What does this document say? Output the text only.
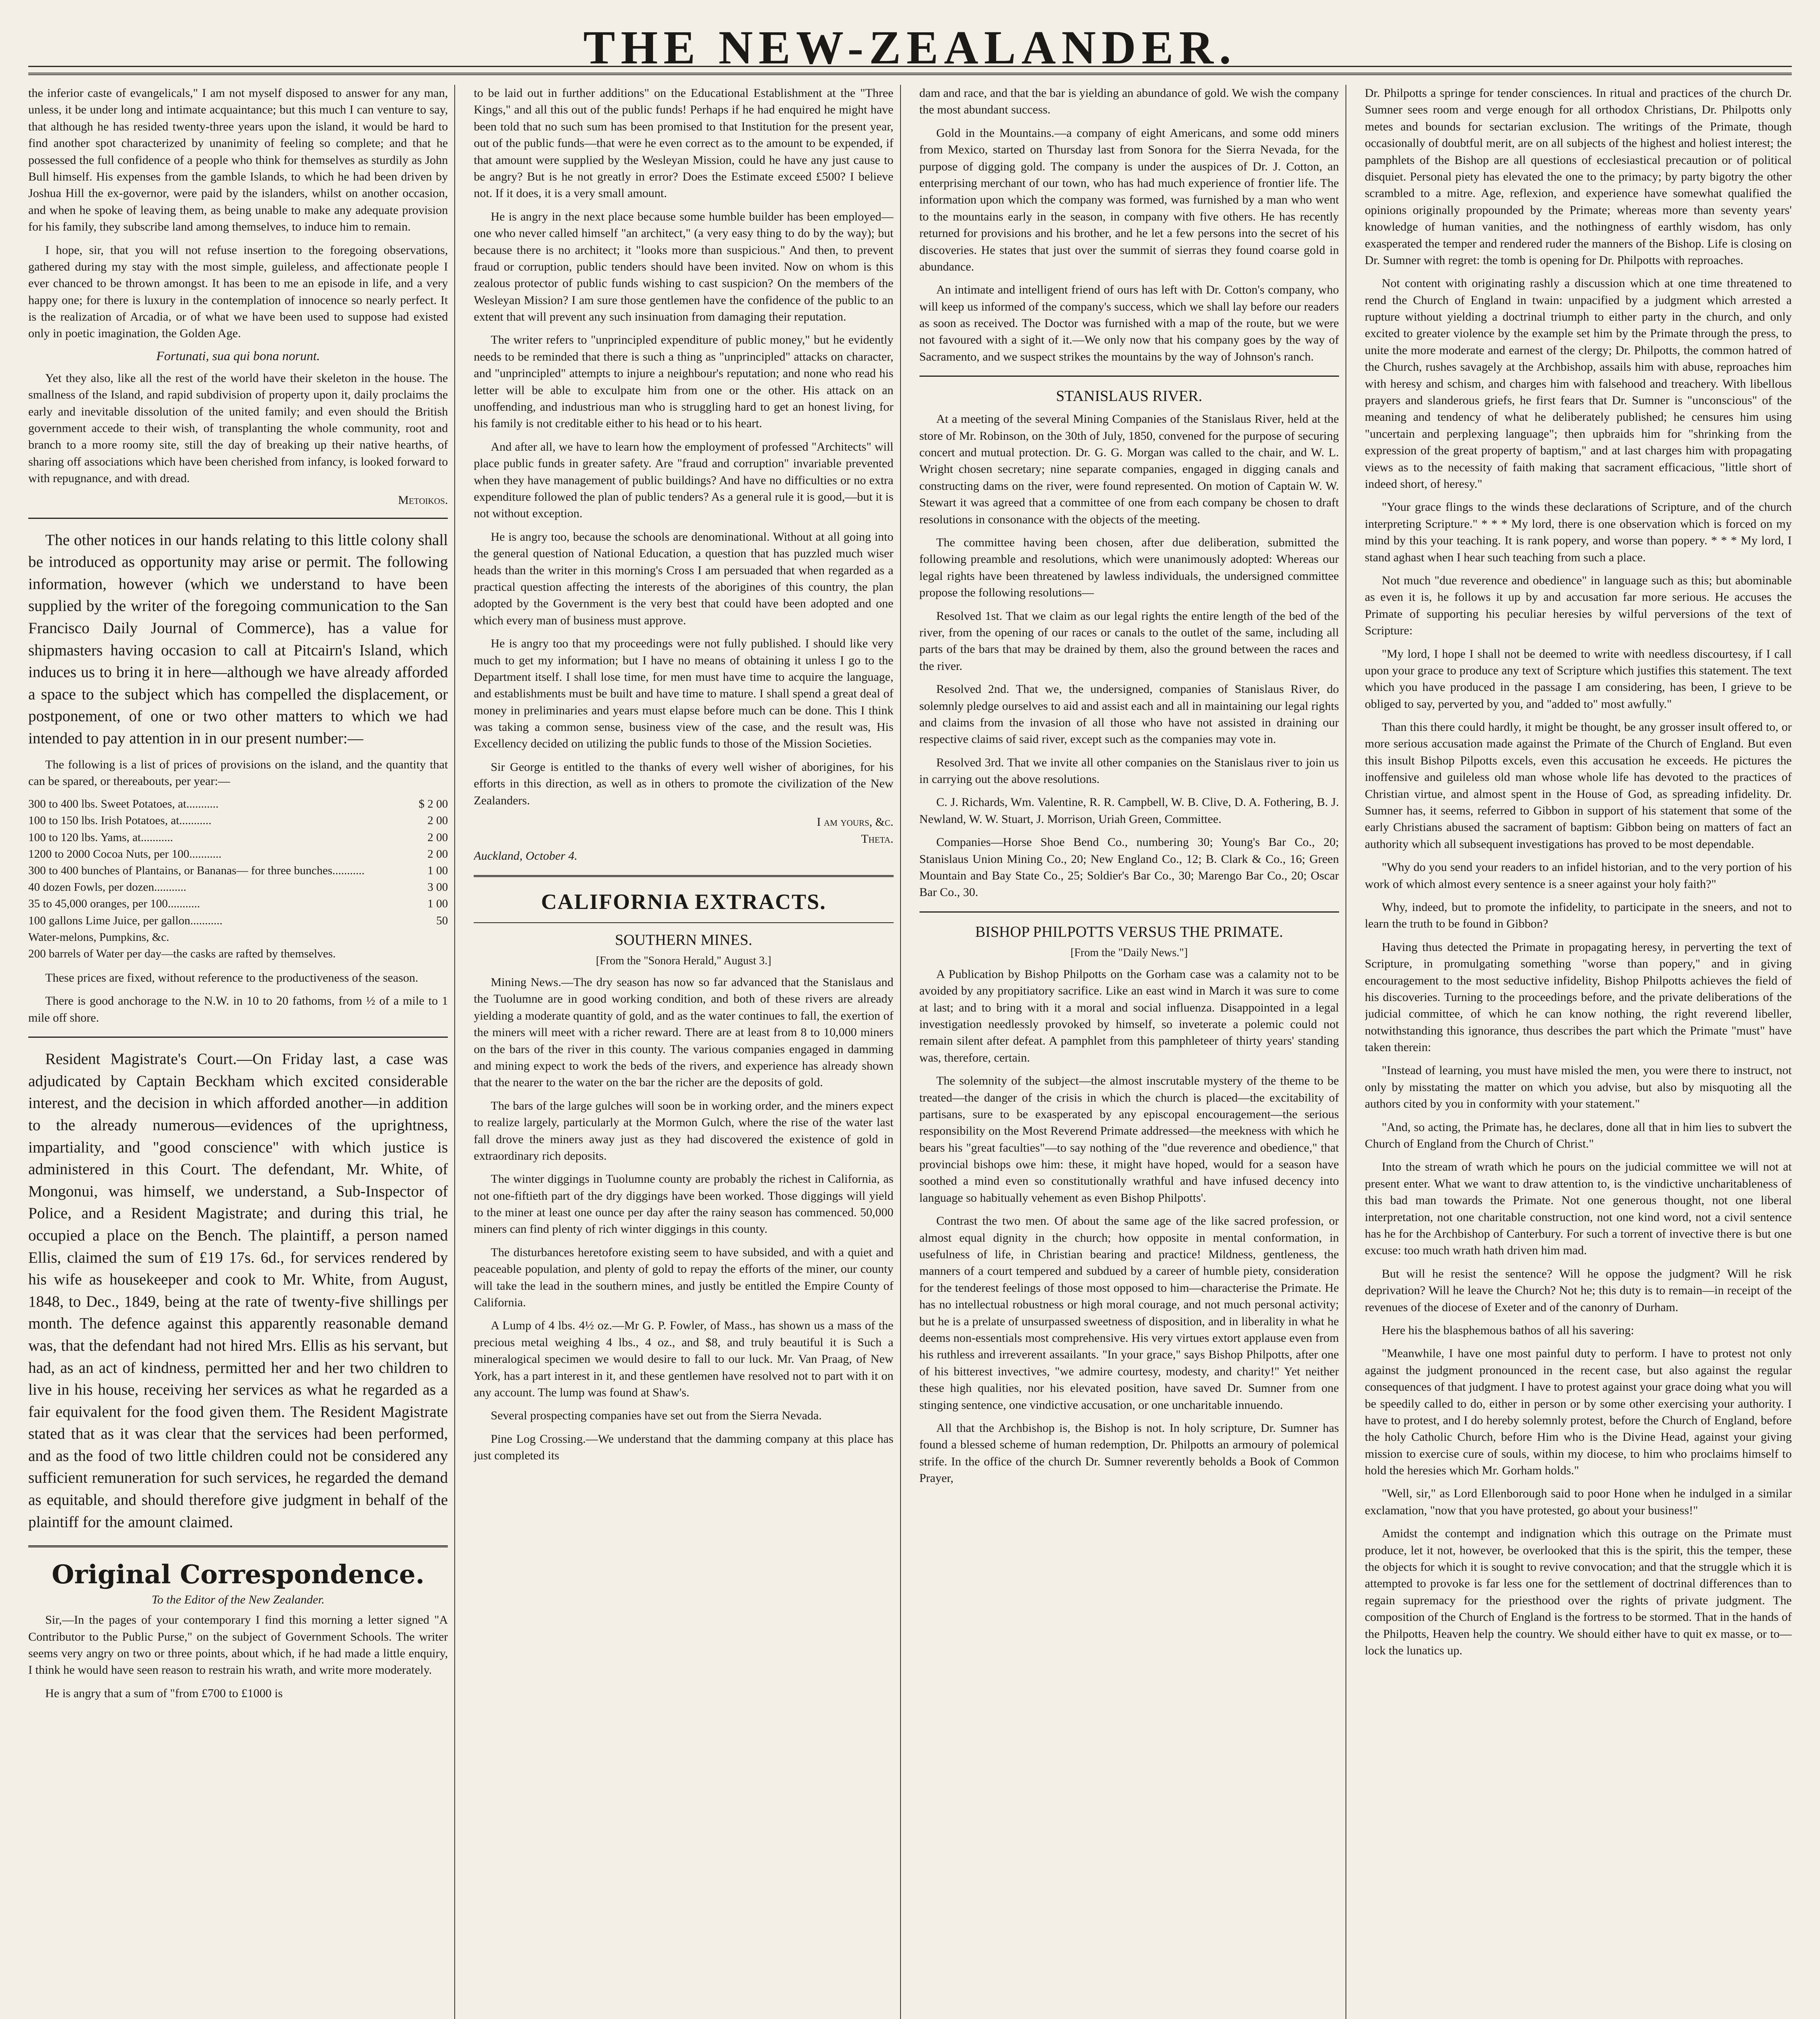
THE NEW-ZEALANDER.

the inferior caste of evangelicals," I am not myself disposed to answer for any man, unless, it be under long and intimate acquaintance; but this much I can venture to say, that although he has resided twenty-three years upon the island, it would be hard to find another spot characterized by unanimity of feeling so complete; and that he possessed the full confidence of a people who think for themselves as sturdily as John Bull himself. His expenses from the gamble Islands, to which he had been driven by Joshua Hill the ex-governor, were paid by the islanders, whilst on another occasion, and when he spoke of leaving them, as being unable to make any adequate provision for his family, they subscribe land among themselves, to induce him to remain.

I hope, sir, that you will not refuse insertion to the foregoing observations, gathered during my stay with the most simple, guileless, and affectionate people I ever chanced to be thrown amongst. It has been to me an episode in life, and a very happy one; for there is luxury in the contemplation of innocence so nearly perfect. It is the realization of Arcadia, or of what we have been used to suppose had existed only in poetic imagination, the Golden Age.

Fortunati, sua qui bona norunt.

Yet they also, like all the rest of the world have their skeleton in the house. The smallness of the Island, and rapid subdivision of property upon it, daily proclaims the early and inevitable dissolution of the united family; and even should the British government accede to their wish, of transplanting the whole community, root and branch to a more roomy site, still the day of breaking up their native hearths, of sharing off associations which have been cherished from infancy, is looked forward to with repugnance, and with dread.

Metoikos.

The other notices in our hands relating to this little colony shall be introduced as opportunity may arise or permit. The following information, however (which we understand to have been supplied by the writer of the foregoing communication to the San Francisco Daily Journal of Commerce), has a value for shipmasters having occasion to call at Pitcairn's Island, which induces us to bring it in here—although we have already afforded a space to the subject which has compelled the displacement, or postponement, of one or two other matters to which we had intended to pay attention in in our present number:—

The following is a list of prices of provisions on the island, and the quantity that can be spared, or thereabouts, per year:—

300 to 400 lbs. Sweet Potatoes, at...........	$ 2 00
100 to 150 lbs. Irish Potatoes, at...........	2 00
100 to 120 lbs. Yams, at...........	2 00
1200 to 2000 Cocoa Nuts, per 100...........	2 00
300 to 400 bunches of Plantains, or Bananas— for three bunches...........	1 00
40 dozen Fowls, per dozen...........	3 00
35 to 45,000 oranges, per 100...........	1 00
100 gallons Lime Juice, per gallon...........	50
Water-melons, Pumpkins, &c.
200 barrels of Water per day—the casks are rafted by themselves.

These prices are fixed, without reference to the productiveness of the season.

There is good anchorage to the N.W. in 10 to 20 fathoms, from ½ of a mile to 1 mile off shore.

Resident Magistrate's Court.—On Friday last, a case was adjudicated by Captain Beckham which excited considerable interest, and the decision in which afforded another—in addition to the already numerous—evidences of the uprightness, impartiality, and "good conscience" with which justice is administered in this Court. The defendant, Mr. White, of Mongonui, was himself, we understand, a Sub-Inspector of Police, and a Resident Magistrate; and during this trial, he occupied a place on the Bench. The plaintiff, a person named Ellis, claimed the sum of £19 17s. 6d., for services rendered by his wife as housekeeper and cook to Mr. White, from August, 1848, to Dec., 1849, being at the rate of twenty-five shillings per month. The defence against this apparently reasonable demand was, that the defendant had not hired Mrs. Ellis as his servant, but had, as an act of kindness, permitted her and her two children to live in his house, receiving her services as what he regarded as a fair equivalent for the food given them. The Resident Magistrate stated that as it was clear that the services had been performed, and as the food of two little children could not be considered any sufficient remuneration for such services, he regarded the demand as equitable, and should therefore give judgment in behalf of the plaintiff for the amount claimed.

Original Correspondence.
To the Editor of the New Zealander.

Sir,—In the pages of your contemporary I find this morning a letter signed "A Contributor to the Public Purse," on the subject of Government Schools. The writer seems very angry on two or three points, about which, if he had made a little enquiry, I think he would have seen reason to restrain his wrath, and write more moderately.

He is angry that a sum of "from £700 to £1000 is

to be laid out in further additions" on the Educational Establishment at the "Three Kings," and all this out of the public funds! Perhaps if he had enquired he might have been told that no such sum has been promised to that Institution for the present year, out of the public funds—that were he even correct as to the amount to be expended, if that amount were supplied by the Wesleyan Mission, could he have any just cause to be angry? But is he not greatly in error? Does the Estimate exceed £500? I believe not. If it does, it is a very small amount.

He is angry in the next place because some humble builder has been employed—one who never called himself "an architect," (a very easy thing to do by the way); but because there is no architect; it "looks more than suspicious." And then, to prevent fraud or corruption, public tenders should have been invited. Now on whom is this zealous protector of public funds wishing to cast suspicion? On the members of the Wesleyan Mission? I am sure those gentlemen have the confidence of the public to an extent that will prevent any such insinuation from damaging their reputation.

The writer refers to "unprincipled expenditure of public money," but he evidently needs to be reminded that there is such a thing as "unprincipled" attacks on character, and "unprincipled" attempts to injure a neighbour's reputation; and none who read his letter will be able to exculpate him from one or the other. His attack on an unoffending, and industrious man who is struggling hard to get an honest living, for his family is not creditable either to his head or to his heart.

And after all, we have to learn how the employment of professed "Architects" will place public funds in greater safety. Are "fraud and corruption" invariable prevented when they have management of public buildings? And have no difficulties or no extra expenditure followed the plan of public tenders? As a general rule it is good,—but it is not without exception.

He is angry too, because the schools are denominational. Without at all going into the general question of National Education, a question that has puzzled much wiser heads than the writer in this morning's Cross I am persuaded that when regarded as a practical question affecting the interests of the aborigines of this country, the plan adopted by the Government is the very best that could have been adopted and one which every man of business must approve.

He is angry too that my proceedings were not fully published. I should like very much to get my information; but I have no means of obtaining it unless I go to the Department itself. I shall lose time, for men must have time to acquire the language, and establishments must be built and have time to mature. I shall spend a great deal of money in preliminaries and years must elapse before much can be done. This I think was taking a common sense, business view of the case, and the result was, His Excellency decided on utilizing the public funds to those of the Mission Societies.

Sir George is entitled to the thanks of every well wisher of aborigines, for his efforts in this direction, as well as in others to promote the civilization of the New Zealanders.

I am yours, &c.
Theta.
Auckland, October 4.
CALIFORNIA EXTRACTS.
SOUTHERN MINES.
[From the "Sonora Herald," August 3.]

Mining News.—The dry season has now so far advanced that the Stanislaus and the Tuolumne are in good working condition, and both of these rivers are already yielding a moderate quantity of gold, and as the water continues to fall, the exertion of the miners will meet with a richer reward. There are at least from 8 to 10,000 miners on the bars of the river in this county. The various companies engaged in damming and mining expect to work the beds of the rivers, and experience has already shown that the nearer to the water on the bar the richer are the deposits of gold.

The bars of the large gulches will soon be in working order, and the miners expect to realize largely, particularly at the Mormon Gulch, where the rise of the water last fall drove the miners away just as they had discovered the existence of gold in extraordinary rich deposits.

The winter diggings in Tuolumne county are probably the richest in California, as not one-fiftieth part of the dry diggings have been worked. Those diggings will yield to the miner at least one ounce per day after the rainy season has commenced. 50,000 miners can find plenty of rich winter diggings in this county.

The disturbances heretofore existing seem to have subsided, and with a quiet and peaceable population, and plenty of gold to repay the efforts of the miner, our county will take the lead in the southern mines, and justly be entitled the Empire County of California.

A Lump of 4 lbs. 4½ oz.—Mr G. P. Fowler, of Mass., has shown us a mass of the precious metal weighing 4 lbs., 4 oz., and $8, and truly beautiful it is Such a mineralogical specimen we would desire to fall to our luck. Mr. Van Praag, of New York, has a part interest in it, and these gentlemen have resolved not to part with it on any account. The lump was found at Shaw's.

Several prospecting companies have set out from the Sierra Nevada.

Pine Log Crossing.—We understand that the damming company at this place has just completed its

dam and race, and that the bar is yielding an abundance of gold. We wish the company the most abundant success.

Gold in the Mountains.—a company of eight Americans, and some odd miners from Mexico, started on Thursday last from Sonora for the Sierra Nevada, for the purpose of digging gold. The company is under the auspices of Dr. J. Cotton, an enterprising merchant of our town, who has had much experience of frontier life. The information upon which the company was formed, was furnished by a man who went to the mountains early in the season, in company with five others. He has recently returned for provisions and his brother, and he let a few persons into the secret of his discoveries. He states that just over the summit of sierras they found coarse gold in abundance.

An intimate and intelligent friend of ours has left with Dr. Cotton's company, who will keep us informed of the company's success, which we shall lay before our readers as soon as received. The Doctor was furnished with a map of the route, but we were not favoured with a sight of it.—We only now that his company goes by the way of Sacramento, and we suspect strikes the mountains by the way of Johnson's ranch.

STANISLAUS RIVER.

At a meeting of the several Mining Companies of the Stanislaus River, held at the store of Mr. Robinson, on the 30th of July, 1850, convened for the purpose of securing concert and mutual protection. Dr. G. G. Morgan was called to the chair, and W. L. Wright chosen secretary; nine separate companies, engaged in digging canals and constructing dams on the river, were found represented. On motion of Captain W. W. Stewart it was agreed that a committee of one from each company be chosen to draft resolutions in consonance with the objects of the meeting.

The committee having been chosen, after due deliberation, submitted the following preamble and resolutions, which were unanimously adopted: Whereas our legal rights have been threatened by lawless individuals, the undersigned committee propose the following resolutions—

Resolved 1st. That we claim as our legal rights the entire length of the bed of the river, from the opening of our races or canals to the outlet of the same, including all parts of the bars that may be drained by them, also the ground between the races and the river.

Resolved 2nd. That we, the undersigned, companies of Stanislaus River, do solemnly pledge ourselves to aid and assist each and all in maintaining our legal rights and claims from the invasion of all those who have not assisted in draining our respective claims of said river, except such as the companies may vote in.

Resolved 3rd. That we invite all other companies on the Stanislaus river to join us in carrying out the above resolutions.

C. J. Richards, Wm. Valentine, R. R. Campbell, W. B. Clive, D. A. Fothering, B. J. Newland, W. W. Stuart, J. Morrison, Uriah Green, Committee.

Companies—Horse Shoe Bend Co., numbering 30; Young's Bar Co., 20; Stanislaus Union Mining Co., 20; New England Co., 12; B. Clark & Co., 16; Green Mountain and Bay State Co., 25; Soldier's Bar Co., 30; Marengo Bar Co., 20; Oscar Bar Co., 30.

BISHOP PHILPOTTS VERSUS THE PRIMATE.
[From the "Daily News."]

A Publication by Bishop Philpotts on the Gorham case was a calamity not to be avoided by any propitiatory sacrifice. Like an east wind in March it was sure to come at last; and to bring with it a moral and social influenza. Disappointed in a legal investigation needlessly provoked by himself, so inveterate a polemic could not remain silent after defeat. A pamphlet from this pamphleteer of thirty years' standing was, therefore, certain.

The solemnity of the subject—the almost inscrutable mystery of the theme to be treated—the danger of the crisis in which the church is placed—the excitability of partisans, sure to be exasperated by any episcopal encouragement—the serious responsibility on the Most Reverend Primate addressed—the meekness with which he bears his "great faculties"—to say nothing of the "due reverence and obedience," that provincial bishops owe him: these, it might have hoped, would for a season have soothed a mind even so constitutionally wrathful and have infused decency into language so habitually vehement as even Bishop Philpotts'.

Contrast the two men. Of about the same age of the like sacred profession, or almost equal dignity in the church; how opposite in mental conformation, in usefulness of life, in Christian bearing and practice! Mildness, gentleness, the manners of a court tempered and subdued by a career of humble piety, consideration for the tenderest feelings of those most opposed to him—characterise the Primate. He has no intellectual robustness or high moral courage, and not much personal activity; but he is a prelate of unsurpassed sweetness of disposition, and in liberality in what he deems non-essentials most comprehensive. His very virtues extort applause even from his ruthless and irreverent assailants. "In your grace," says Bishop Philpotts, after one of his bitterest invectives, "we admire courtesy, modesty, and charity!" Yet neither these high qualities, nor his elevated position, have saved Dr. Sumner from one stinging sentence, one vindictive accusation, or one uncharitable innuendo.

All that the Archbishop is, the Bishop is not. In holy scripture, Dr. Sumner has found a blessed scheme of human redemption, Dr. Philpotts an armoury of polemical strife. In the office of the church Dr. Sumner reverently beholds a Book of Common Prayer,

Dr. Philpotts a springe for tender consciences. In ritual and practices of the church Dr. Sumner sees room and verge enough for all orthodox Christians, Dr. Philpotts only metes and bounds for sectarian exclusion. The writings of the Primate, though occasionally of doubtful merit, are on all subjects of the highest and holiest interest; the pamphlets of the Bishop are all questions of ecclesiastical precaution or of political disquiet. Personal piety has elevated the one to the primacy; by party bigotry the other scrambled to a mitre. Age, reflexion, and experience have somewhat qualified the opinions originally propounded by the Primate; whereas more than seventy years' knowledge of human vanities, and the nothingness of earthly wisdom, has only exasperated the temper and rendered ruder the manners of the Bishop. Life is closing on Dr. Sumner with regret: the tomb is opening for Dr. Philpotts with reproaches.

Not content with originating rashly a discussion which at one time threatened to rend the Church of England in twain: unpacified by a judgment which arrested a rupture without yielding a doctrinal triumph to either party in the church, and only excited to greater violence by the example set him by the Primate through the press, to unite the more moderate and earnest of the clergy; Dr. Philpotts, the common hatred of the Church, rushes savagely at the Archbishop, assails him with abuse, reproaches him with heresy and schism, and charges him with falsehood and treachery. With libellous prayers and slanderous griefs, he first fears that Dr. Sumner is "unconscious" of the meaning and tendency of what he deliberately published; he censures him using "uncertain and perplexing language"; then upbraids him for "shrinking from the expression of the great property of baptism," and at last charges him with propagating views as to the necessity of faith making that sacrament efficacious, "little short of indeed short, of heresy."

"Your grace flings to the winds these declarations of Scripture, and of the church interpreting Scripture." * * * My lord, there is one observation which is forced on my mind by this your teaching. It is rank popery, and worse than popery. * * * My lord, I stand aghast when I hear such teaching from such a place.

Not much "due reverence and obedience" in language such as this; but abominable as even it is, he follows it up by and accusation far more serious. He accuses the Primate of supporting his peculiar heresies by wilful perversions of the text of Scripture:

"My lord, I hope I shall not be deemed to write with needless discourtesy, if I call upon your grace to produce any text of Scripture which justifies this statement. The text which you have produced in the passage I am considering, has been, I grieve to be obliged to say, perverted by you, and "added to" most awfully."

Than this there could hardly, it might be thought, be any grosser insult offered to, or more serious accusation made against the Primate of the Church of England. But even this insult Bishop Pilpotts excels, even this accusation he exceeds. He pictures the inoffensive and guileless old man whose whole life has devoted to the practices of Christian virtue, and almost spent in the House of God, as spreading infidelity. Dr. Sumner has, it seems, referred to Gibbon in support of his statement that some of the early Christians abused the sacrament of baptism: Gibbon being on matters of fact an authority which all subsequent investigations has proved to be most dependable.

"Why do you send your readers to an infidel historian, and to the very portion of his work of which almost every sentence is a sneer against your holy faith?"

Why, indeed, but to promote the infidelity, to participate in the sneers, and not to learn the truth to be found in Gibbon?

Having thus detected the Primate in propagating heresy, in perverting the text of Scripture, in promulgating something "worse than popery," and in giving encouragement to the most seductive infidelity, Bishop Philpotts achieves the field of his discoveries. Turning to the proceedings before, and the private deliberations of the judicial committee, of which he can know nothing, the right reverend libeller, notwithstanding this ignorance, thus describes the part which the Primate "must" have taken therein:

"Instead of learning, you must have misled the men, you were there to instruct, not only by misstating the matter on which you advise, but also by misquoting all the authors cited by you in conformity with your statement."

"And, so acting, the Primate has, he declares, done all that in him lies to subvert the Church of England from the Church of Christ."

Into the stream of wrath which he pours on the judicial committee we will not at present enter. What we want to draw attention to, is the vindictive uncharitableness of this bad man towards the Primate. Not one generous thought, not one liberal interpretation, not one charitable construction, not one kind word, not a civil sentence has he for the Archbishop of Canterbury. For such a torrent of invective there is but one excuse: too much wrath hath driven him mad.

But will he resist the sentence? Will he oppose the judgment? Will he risk deprivation? Will he leave the Church? Not he; this duty is to remain—in receipt of the revenues of the diocese of Exeter and of the canonry of Durham.

Here his the blasphemous bathos of all his savering:

"Meanwhile, I have one most painful duty to perform. I have to protest not only against the judgment pronounced in the recent case, but also against the regular consequences of that judgment. I have to protest against your grace doing what you will be speedily called to do, either in person or by some other exercising your authority. I have to protest, and I do hereby solemnly protest, before the Church of England, before the holy Catholic Church, before Him who is the Divine Head, against your giving mission to exercise cure of souls, within my diocese, to him who proclaims himself to hold the heresies which Mr. Gorham holds."

"Well, sir," as Lord Ellenborough said to poor Hone when he indulged in a similar exclamation, "now that you have protested, go about your business!"

Amidst the contempt and indignation which this outrage on the Primate must produce, let it not, however, be overlooked that this is the spirit, this the temper, these the objects for which it is sought to revive convocation; and that the struggle which it is attempted to provoke is far less one for the settlement of doctrinal differences than to regain supremacy for the priesthood over the rights of private judgment. The composition of the Church of England is the fortress to be stormed. That in the hands of the Philpotts, Heaven help the country. We should either have to quit ex masse, or to—lock the lunatics up.
